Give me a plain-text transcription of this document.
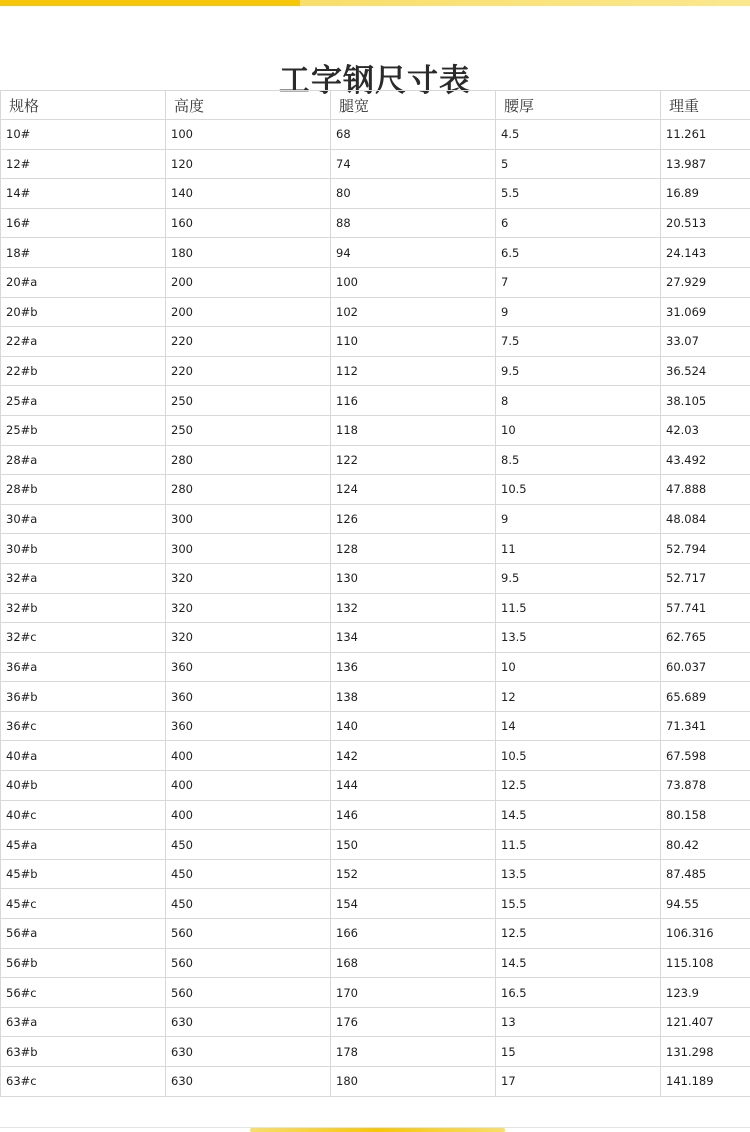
工字钢尺寸表
规格	高度	腿宽	腰厚	理重
10#	100	68	4.5	11.261
12#	120	74	5	13.987
14#	140	80	5.5	16.89
16#	160	88	6	20.513
18#	180	94	6.5	24.143
20#a	200	100	7	27.929
20#b	200	102	9	31.069
22#a	220	110	7.5	33.07
22#b	220	112	9.5	36.524
25#a	250	116	8	38.105
25#b	250	118	10	42.03
28#a	280	122	8.5	43.492
28#b	280	124	10.5	47.888
30#a	300	126	9	48.084
30#b	300	128	11	52.794
32#a	320	130	9.5	52.717
32#b	320	132	11.5	57.741
32#c	320	134	13.5	62.765
36#a	360	136	10	60.037
36#b	360	138	12	65.689
36#c	360	140	14	71.341
40#a	400	142	10.5	67.598
40#b	400	144	12.5	73.878
40#c	400	146	14.5	80.158
45#a	450	150	11.5	80.42
45#b	450	152	13.5	87.485
45#c	450	154	15.5	94.55
56#a	560	166	12.5	106.316
56#b	560	168	14.5	115.108
56#c	560	170	16.5	123.9
63#a	630	176	13	121.407
63#b	630	178	15	131.298
63#c	630	180	17	141.189
